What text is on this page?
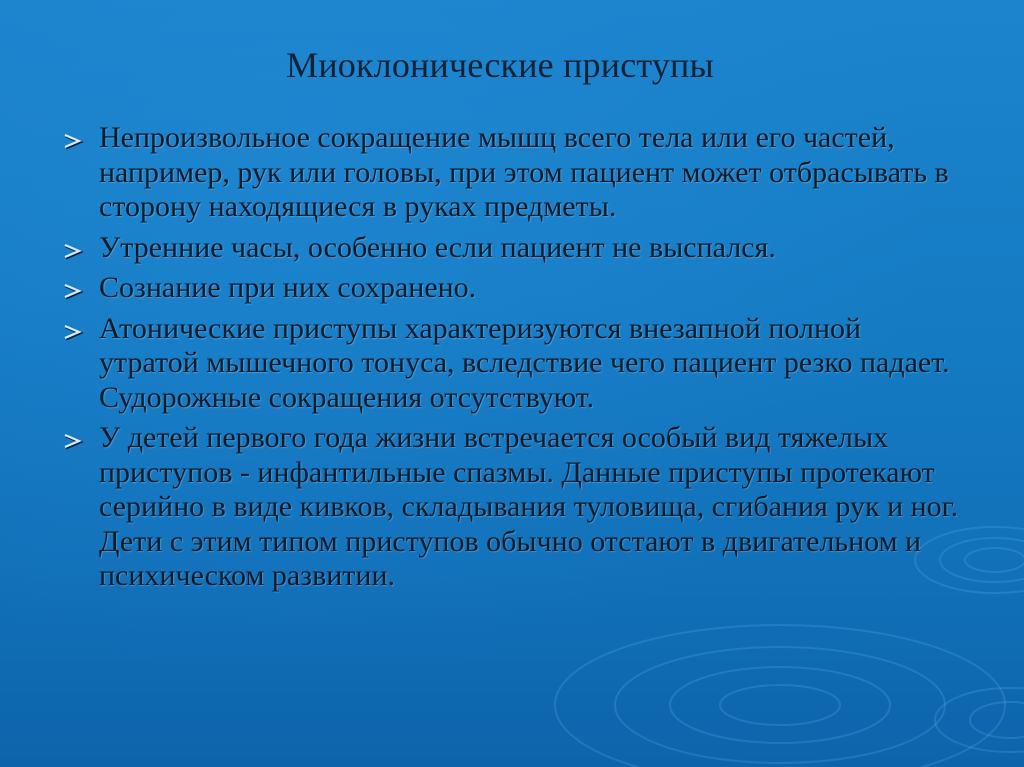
Миоклонические приступы
Непроизвольное сокращение мышц всего тела или его частей, например, рук или головы, при этом пациент может отбрасывать в сторону находящиеся в руках предметы.
Утренние часы, особенно если пациент не выспался.
Сознание при них сохранено.
Атонические приступы характеризуются внезапной полной утратой мышечного тонуса, вследствие чего пациент резко падает. Судорожные сокращения отсутствуют.
У детей первого года жизни встречается особый вид тяжелых приступов - инфантильные спазмы. Данные приступы протекают серийно в виде кивков, складывания туловища, сгибания рук и ног. Дети с этим типом приступов обычно отстают в двигательном и психическом развитии.
